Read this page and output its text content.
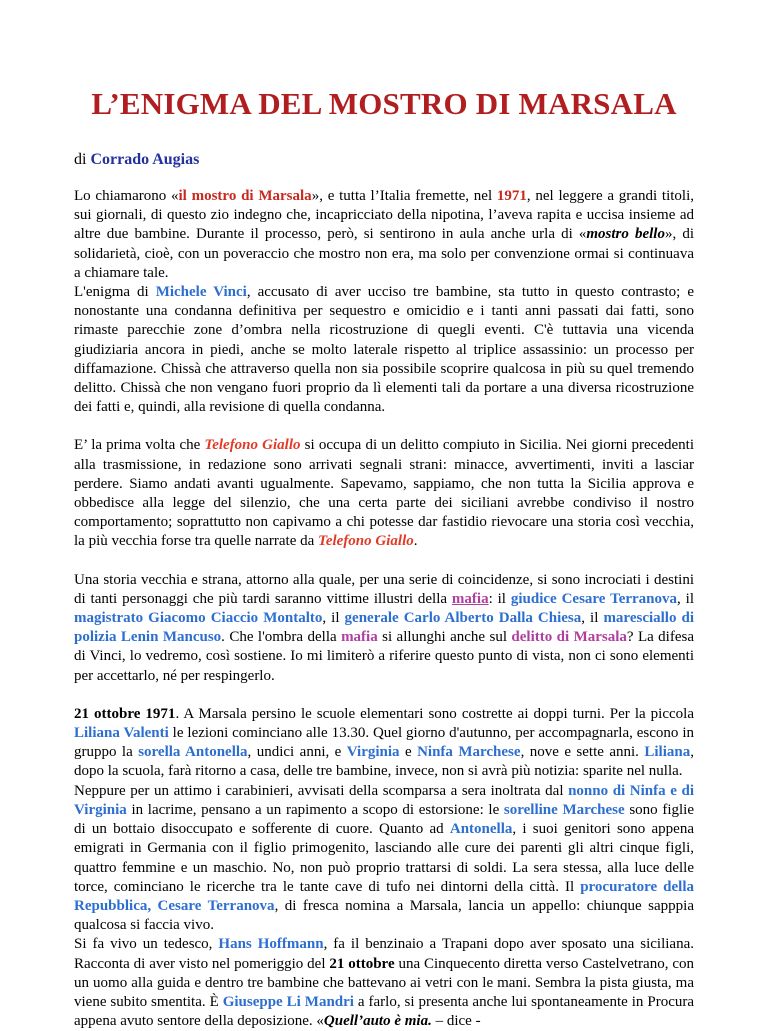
L’ENIGMA DEL MOSTRO DI MARSALA

di Corrado Augias

Lo chiamarono «il mostro di Marsala», e tutta l’Italia fremette, nel 1971, nel leggere a grandi titoli, sui giornali, di questo zio indegno che, incapricciato della nipotina, l’aveva rapita e uccisa insieme ad altre due bambine. Durante il processo, però, si sentirono in aula anche urla di «mostro bello», di solidarietà, cioè, con un poveraccio che mostro non era, ma solo per convenzione ormai si continuava a chiamare tale.

L'enigma di Michele Vinci, accusato di aver ucciso tre bambine, sta tutto in questo contrasto; e nonostante una condanna definitiva per sequestro e omicidio e i tanti anni passati dai fatti, sono rimaste parecchie zone d’ombra nella ricostruzione di quegli eventi. C'è tuttavia una vicenda giudiziaria ancora in piedi, anche se molto laterale rispetto al triplice assassinio: un processo per diffamazione. Chissà che attraverso quella non sia possibile scoprire qualcosa in più su quel tremendo delitto. Chissà che non vengano fuori proprio da lì elementi tali da portare a una diversa ricostruzione dei fatti e, quindi, alla revisione di quella condanna.

E’ la prima volta che Telefono Giallo si occupa di un delitto compiuto in Sicilia. Nei giorni precedenti alla trasmissione, in redazione sono arrivati segnali strani: minacce, avvertimenti, inviti a lasciar perdere. Siamo andati avanti ugualmente. Sapevamo, sappiamo, che non tutta la Sicilia approva e obbedisce alla legge del silenzio, che una certa parte dei siciliani avrebbe condiviso il nostro comportamento; soprattutto non capivamo a chi potesse dar fastidio rievocare una storia così vecchia, la più vecchia forse tra quelle narrate da Telefono Giallo.

Una storia vecchia e strana, attorno alla quale, per una serie di coincidenze, si sono incrociati i destini di tanti personaggi che più tardi saranno vittime illustri della mafia: il giudice Cesare Terranova, il magistrato Giacomo Ciaccio Montalto, il generale Carlo Alberto Dalla Chiesa, il maresciallo di polizia Lenin Mancuso. Che l'ombra della mafia si allunghi anche sul delitto di Marsala? La difesa di Vinci, lo vedremo, così sostiene. Io mi limiterò a riferire questo punto di vista, non ci sono elementi per accettarlo, né per respingerlo.

21 ottobre 1971. A Marsala persino le scuole elementari sono costrette ai doppi turni. Per la piccola Liliana Valenti le lezioni cominciano alle 13.30. Quel giorno d'autunno, per accompagnarla, escono in gruppo la sorella Antonella, undici anni, e Virginia e Ninfa Marchese, nove e sette anni. Liliana, dopo la scuola, farà ritorno a casa, delle tre bambine, invece, non si avrà più notizia: sparite nel nulla.

Neppure per un attimo i carabinieri, avvisati della scomparsa a sera inoltrata dal nonno di Ninfa e di Virginia in lacrime, pensano a un rapimento a scopo di estorsione: le sorelline Marchese sono figlie di un bottaio disoccupato e sofferente di cuore. Quanto ad Antonella, i suoi genitori sono appena emigrati in Germania con il figlio primogenito, lasciando alle cure dei parenti gli altri cinque figli, quattro femmine e un maschio. No, non può proprio trattarsi di soldi. La sera stessa, alla luce delle torce, cominciano le ricerche tra le tante cave di tufo nei dintorni della città. Il procuratore della Repubblica, Cesare Terranova, di fresca nomina a Marsala, lancia un appello: chiunque sapppia qualcosa si faccia vivo.

Si fa vivo un tedesco, Hans Hoffmann, fa il benzinaio a Trapani dopo aver sposato una siciliana. Racconta di aver visto nel pomeriggio del 21 ottobre una Cinquecento diretta verso Castelvetrano, con un uomo alla guida e dentro tre bambine che battevano ai vetri con le mani. Sembra la pista giusta, ma viene subito smentita. È Giuseppe Li Mandri a farlo, si presenta anche lui spontaneamente in Procura appena avuto sentore della deposizione. «Quell’auto è mia. – dice -
